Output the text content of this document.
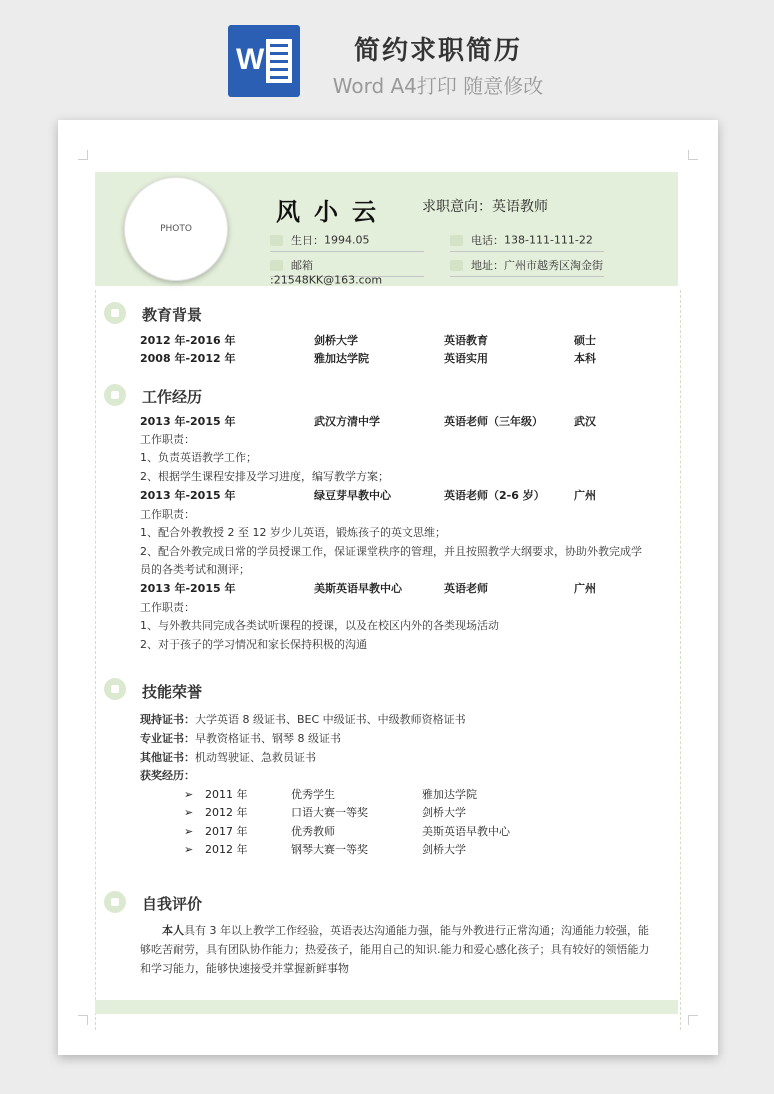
W	简约求职简历
Word A4打印 随意修改
PHOTO
风小云 求职意向：英语教师
生日：1994.05	电话：138-111-111-22
邮箱 :21548KK@163.com
地址：广州市越秀区淘金街
教育背景
2012 年-2016 年	剑桥大学	英语教育	硕士
2008 年-2012 年	雅加达学院	英语实用	本科
工作经历
2013 年-2015 年	武汉方清中学	英语老师（三年级）	武汉
工作职责：
1、负责英语教学工作；
2、根据学生课程安排及学习进度，编写教学方案；
2013 年-2015 年	绿豆芽早教中心	英语老师（2-6 岁）	广州
工作职责：
1、配合外教教授 2 至 12 岁少儿英语，锻炼孩子的英文思维；
2、配合外教完成日常的学员授课工作，保证课堂秩序的管理，并且按照教学大纲要求，协助外教完成学
员的各类考试和测评；
2013 年-2015 年	美斯英语早教中心	英语老师	广州
工作职责：
1、与外教共同完成各类试听课程的授课，以及在校区内外的各类现场活动
2、对于孩子的学习情况和家长保持积极的沟通
技能荣誉
现持证书：大学英语 8 级证书、BEC 中级证书、中级教师资格证书
专业证书：早教资格证书、钢琴 8 级证书
其他证书：机动驾驶证、急救员证书
获奖经历：
➢ 2011 年	优秀学生	雅加达学院
➢ 2012 年	口语大赛一等奖	剑桥大学
➢ 2017 年	优秀教师	美斯英语早教中心
➢ 2012 年	钢琴大赛一等奖	剑桥大学
自我评价
本人具有 3 年以上教学工作经验，英语表达沟通能力强，能与外教进行正常沟通；沟通能力较强，能
够吃苦耐劳，具有团队协作能力；热爱孩子，能用自己的知识.能力和爱心感化孩子；具有较好的领悟能力
和学习能力，能够快速接受并掌握新鲜事物
